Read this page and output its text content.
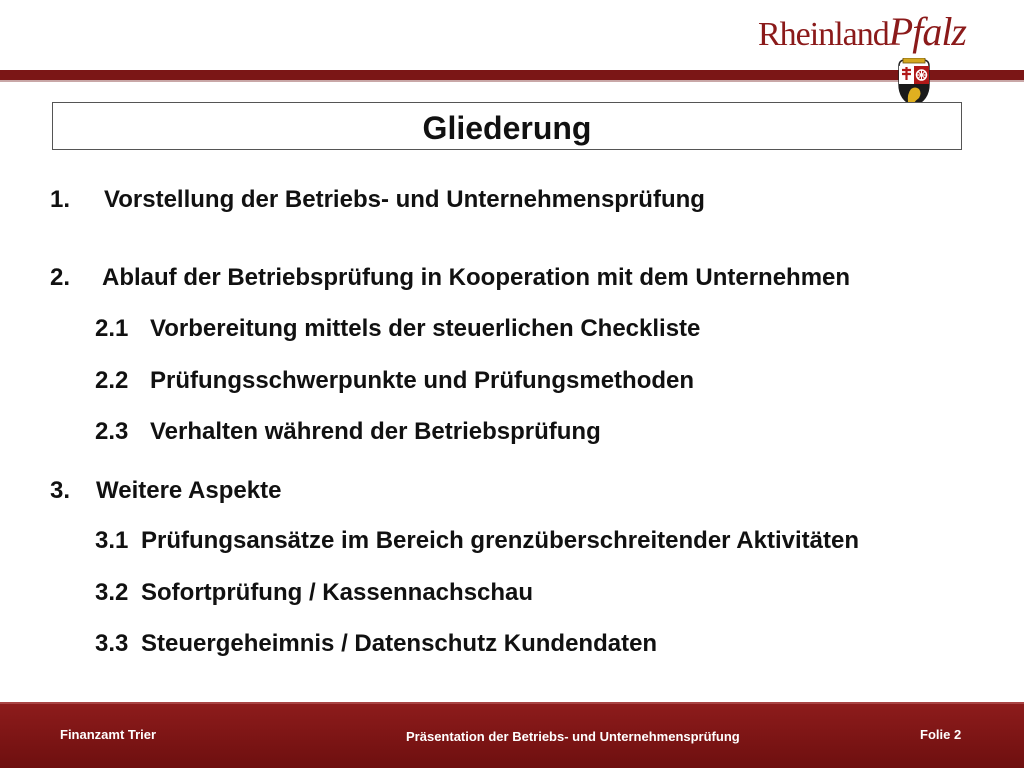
RheinlandPfalz
Gliederung
1. Vorstellung der Betriebs- und Unternehmensprüfung
2. Ablauf der Betriebsprüfung in Kooperation mit dem Unternehmen
2.1 Vorbereitung mittels der steuerlichen Checkliste
2.2 Prüfungsschwerpunkte und Prüfungsmethoden
2.3 Verhalten während der Betriebsprüfung
3. Weitere Aspekte
3.1 Prüfungsansätze im Bereich grenzüberschreitender Aktivitäten
3.2 Sofortprüfung / Kassennachschau
3.3 Steuergeheimnis / Datenschutz Kundendaten
Finanzamt Trier	Präsentation der Betriebs- und Unternehmensprüfung	Folie 2
